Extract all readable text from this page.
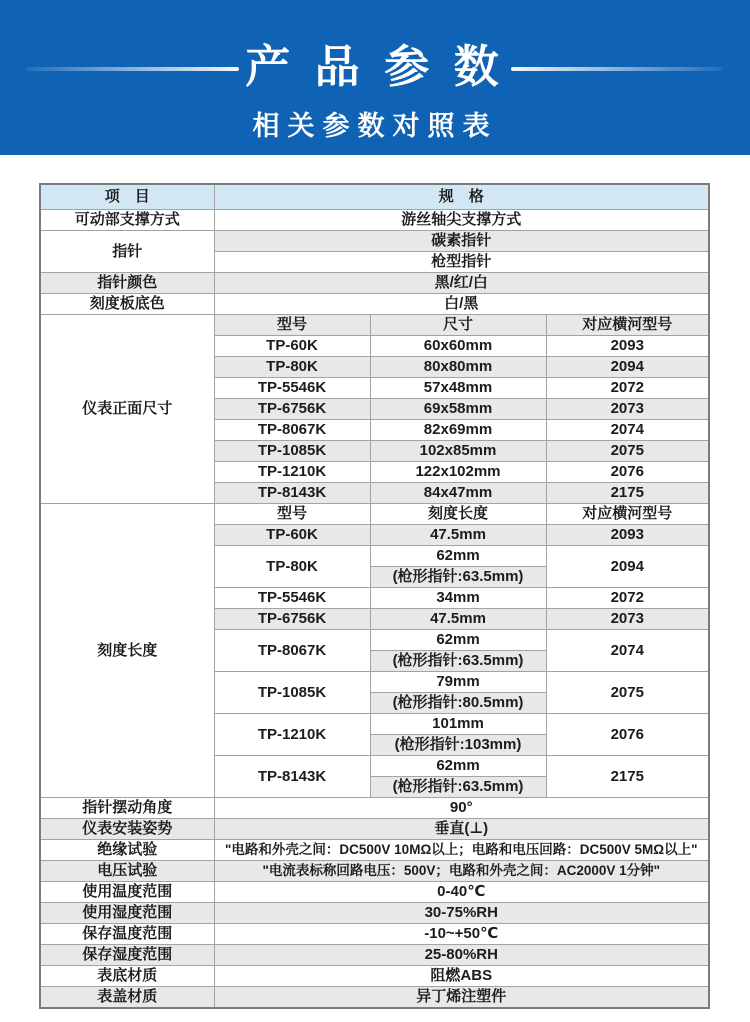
产 品 参 数
相关参数对照表
项　目	规　格		
可动部支撑方式	游丝轴尖支撑方式		
指针	碳素指针		
	枪型指针		
指针颜色	黑/红/白		
刻度板底色	白/黑		
仪表正面尺寸	型号	尺寸	对应横河型号
	TP-60K	60x60mm	2093
	TP-80K	80x80mm	2094
	TP-5546K	57x48mm	2072
	TP-6756K	69x58mm	2073
	TP-8067K	82x69mm	2074
	TP-1085K	102x85mm	2075
	TP-1210K	122x102mm	2076
	TP-8143K	84x47mm	2175
刻度长度	型号	刻度长度	对应横河型号
	TP-60K	47.5mm	2093
	TP-80K	62mm	2094
		(枪形指针:63.5mm)	
	TP-5546K	34mm	2072
	TP-6756K	47.5mm	2073
	TP-8067K	62mm	2074
		(枪形指针:63.5mm)	
	TP-1085K	79mm	2075
		(枪形指针:80.5mm)	
	TP-1210K	101mm	2076
		(枪形指针:103mm)	
	TP-8143K	62mm	2175
		(枪形指针:63.5mm)	
指针摆动角度	90°		
仪表安装姿势	垂直(⊥)		
绝缘试验	"电路和外壳之间：DC500V 10MΩ以上；电路和电压回路：DC500V 5MΩ以上"		
电压试验	"电流表标称回路电压：500V；电路和外壳之间：AC2000V 1分钟"		
使用温度范围	0-40℃		
使用湿度范围	30-75%RH		
保存温度范围	-10~+50℃		
保存湿度范围	25-80%RH		
表底材质	阻燃ABS		
表盖材质	异丁烯注塑件		
